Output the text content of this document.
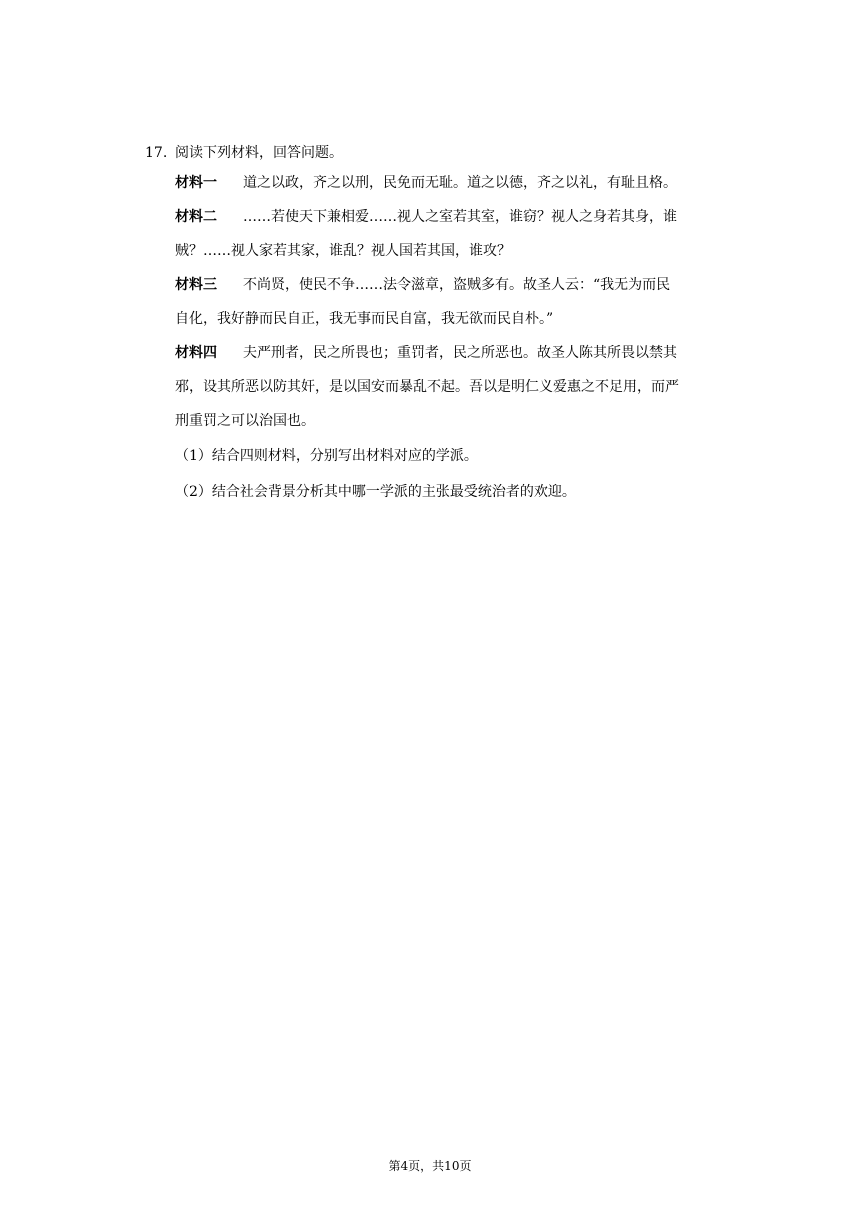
17. 阅读下列材料，回答问题。
材料一 道之以政，齐之以刑，民免而无耻。道之以德，齐之以礼，有耻且格。
材料二 ……若使天下兼相爱……视人之室若其室，谁窃？视人之身若其身，谁
贼？……视人家若其家，谁乱？视人国若其国，谁攻？
材料三 不尚贤，使民不争……法令滋章，盗贼多有。故圣人云：“我无为而民
自化，我好静而民自正，我无事而民自富，我无欲而民自朴。”
材料四 夫严刑者，民之所畏也；重罚者，民之所恶也。故圣人陈其所畏以禁其
邪，设其所恶以防其奸，是以国安而暴乱不起。吾以是明仁义爱惠之不足用，而严
刑重罚之可以治国也。
（1）结合四则材料，分别写出材料对应的学派。
（2）结合社会背景分析其中哪一学派的主张最受统治者的欢迎。
第4页，共10页
